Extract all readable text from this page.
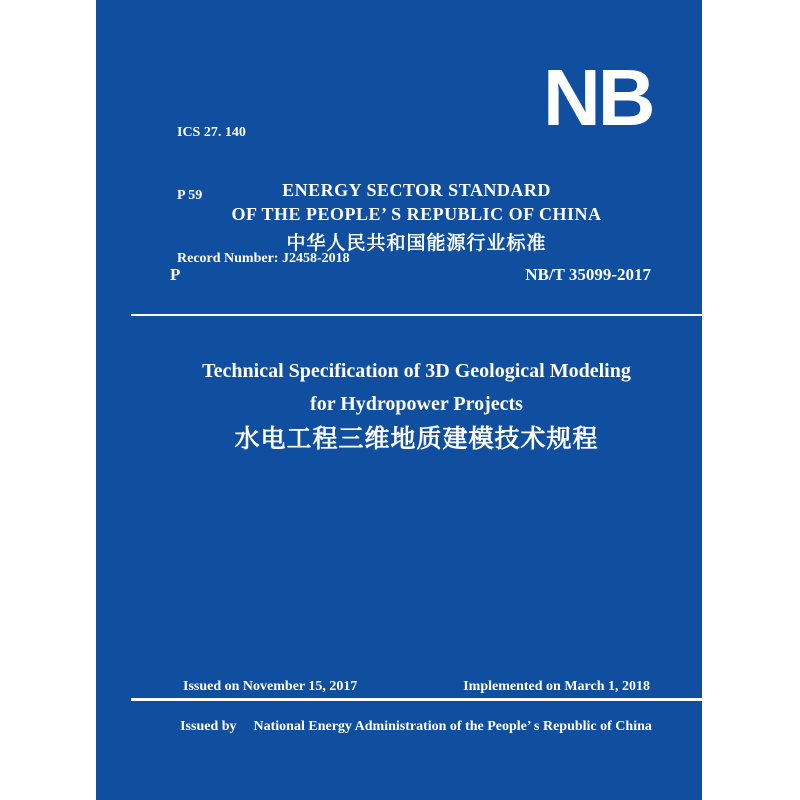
ICS 27. 140

P 59

Record Number: J2458-2018

NB
ENERGY SECTOR STANDARD
OF THE PEOPLE’ S REPUBLIC OF CHINA
中华人民共和国能源行业标准
P	NB/T 35099-2017
Technical Specification of 3D Geological Modeling
for Hydropower Projects
水电工程三维地质建模技术规程
Issued on November 15, 2017	Implemented on March 1, 2018

Issued by National Energy Administration of the People’ s Republic of China
